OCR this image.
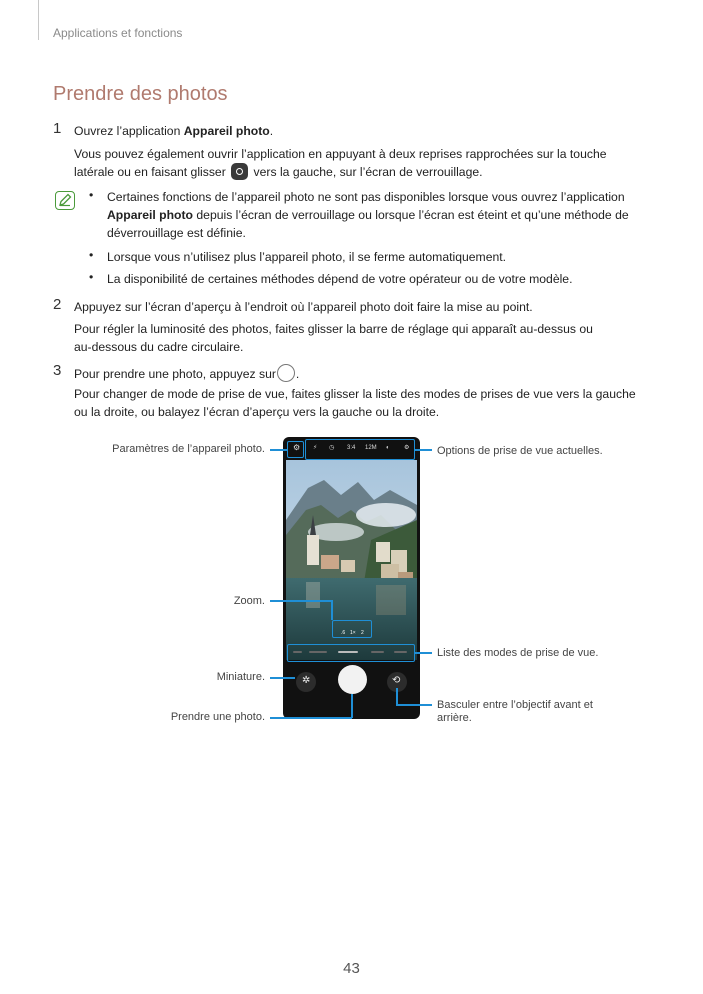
Applications et fonctions
Prendre des photos
1 Ouvrez l’application Appareil photo.
Vous pouvez également ouvrir l’application en appuyant à deux reprises rapprochées sur la touche
latérale ou en faisant glisser vers la gauche, sur l’écran de verrouillage.
• Certaines fonctions de l’appareil photo ne sont pas disponibles lorsque vous ouvrez l’application
Appareil photo depuis l’écran de verrouillage ou lorsque l’écran est éteint et qu’une méthode de
déverrouillage est définie.
• Lorsque vous n’utilisez plus l’appareil photo, il se ferme automatiquement.
• La disponibilité de certaines méthodes dépend de votre opérateur ou de votre modèle.
2 Appuyez sur l’écran d’aperçu à l’endroit où l’appareil photo doit faire la mise au point.
Pour régler la luminosité des photos, faites glisser la barre de réglage qui apparaît au-dessus ou
au-dessous du cadre circulaire.
3 Pour prendre une photo, appuyez sur .
Pour changer de mode de prise de vue, faites glisser la liste des modes de prises de vue vers la gauche
ou la droite, ou balayez l’écran d’aperçu vers la gauche ou la droite.
⚙ ⚡ ◷ 3:4 12M ◐ ⚙
.6 1× 2
✲	⟲
Paramètres de l’appareil photo.	Options de prise de vue actuelles.
Zoom.
Liste des modes de prise de vue.
Miniature.
Prendre une photo.
Basculer entre l’objectif avant et
arrière.
43
